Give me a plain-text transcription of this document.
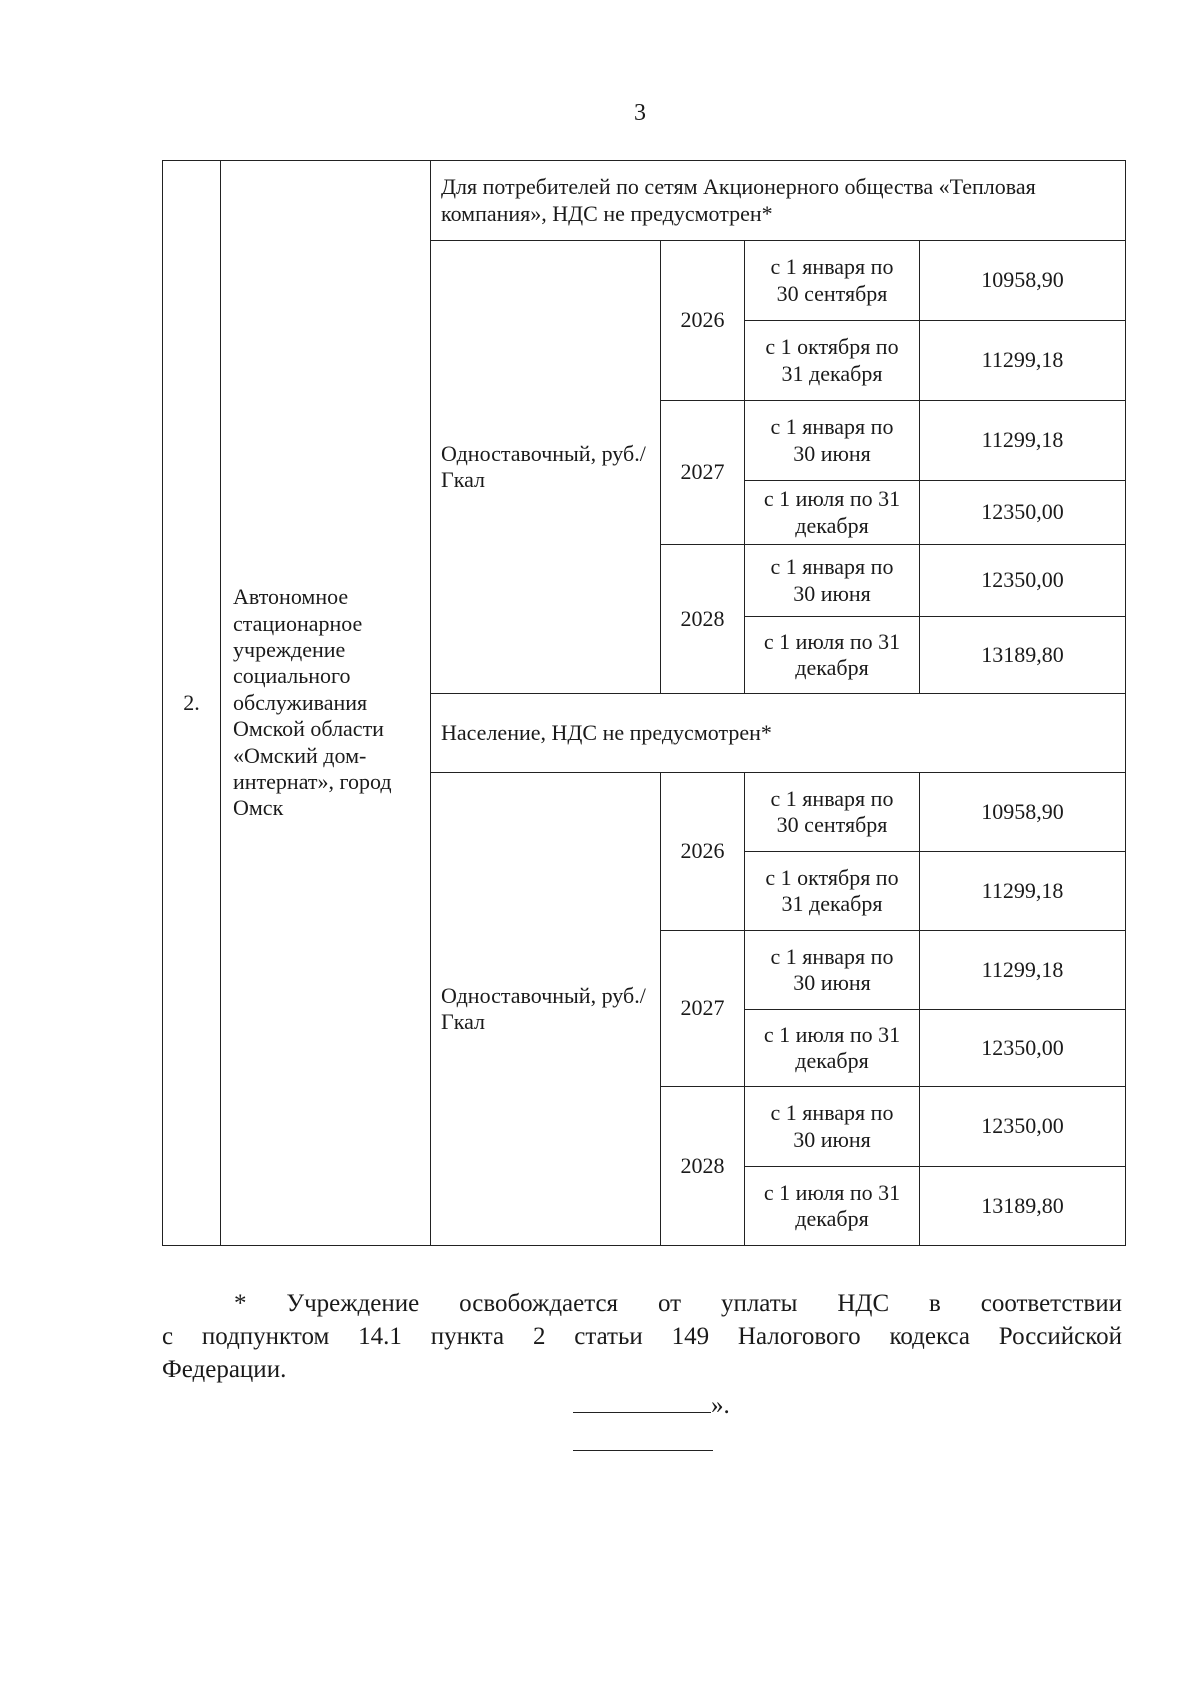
3
2.	Автономное стационарное учреждение социального обслуживания Омской области «Омский дом-интернат», город Омск	Для потребителей по сетям Акционерного общества «Тепловая компания», НДС не предусмотрен*			
		Одноставочный, руб./Гкал	2026	с 1 января по 30 сентября	10958,90
				с 1 октября по 31 декабря	11299,18
			2027	с 1 января по 30 июня	11299,18
				с 1 июля по 31 декабря	12350,00
			2028	с 1 января по 30 июня	12350,00
				с 1 июля по 31 декабря	13189,80
		Население, НДС не предусмотрен*			
		Одноставочный, руб./Гкал	2026	с 1 января по 30 сентября	10958,90
				с 1 октября по 31 декабря	11299,18
			2027	с 1 января по 30 июня	11299,18
				с 1 июля по 31 декабря	12350,00
			2028	с 1 января по 30 июня	12350,00
				с 1 июля по 31 декабря	13189,80
* Учреждение освобождается от уплаты НДС в соответствии
с подпунктом 14.1 пункта 2 статьи 149 Налогового кодекса Российской
Федерации.
».
